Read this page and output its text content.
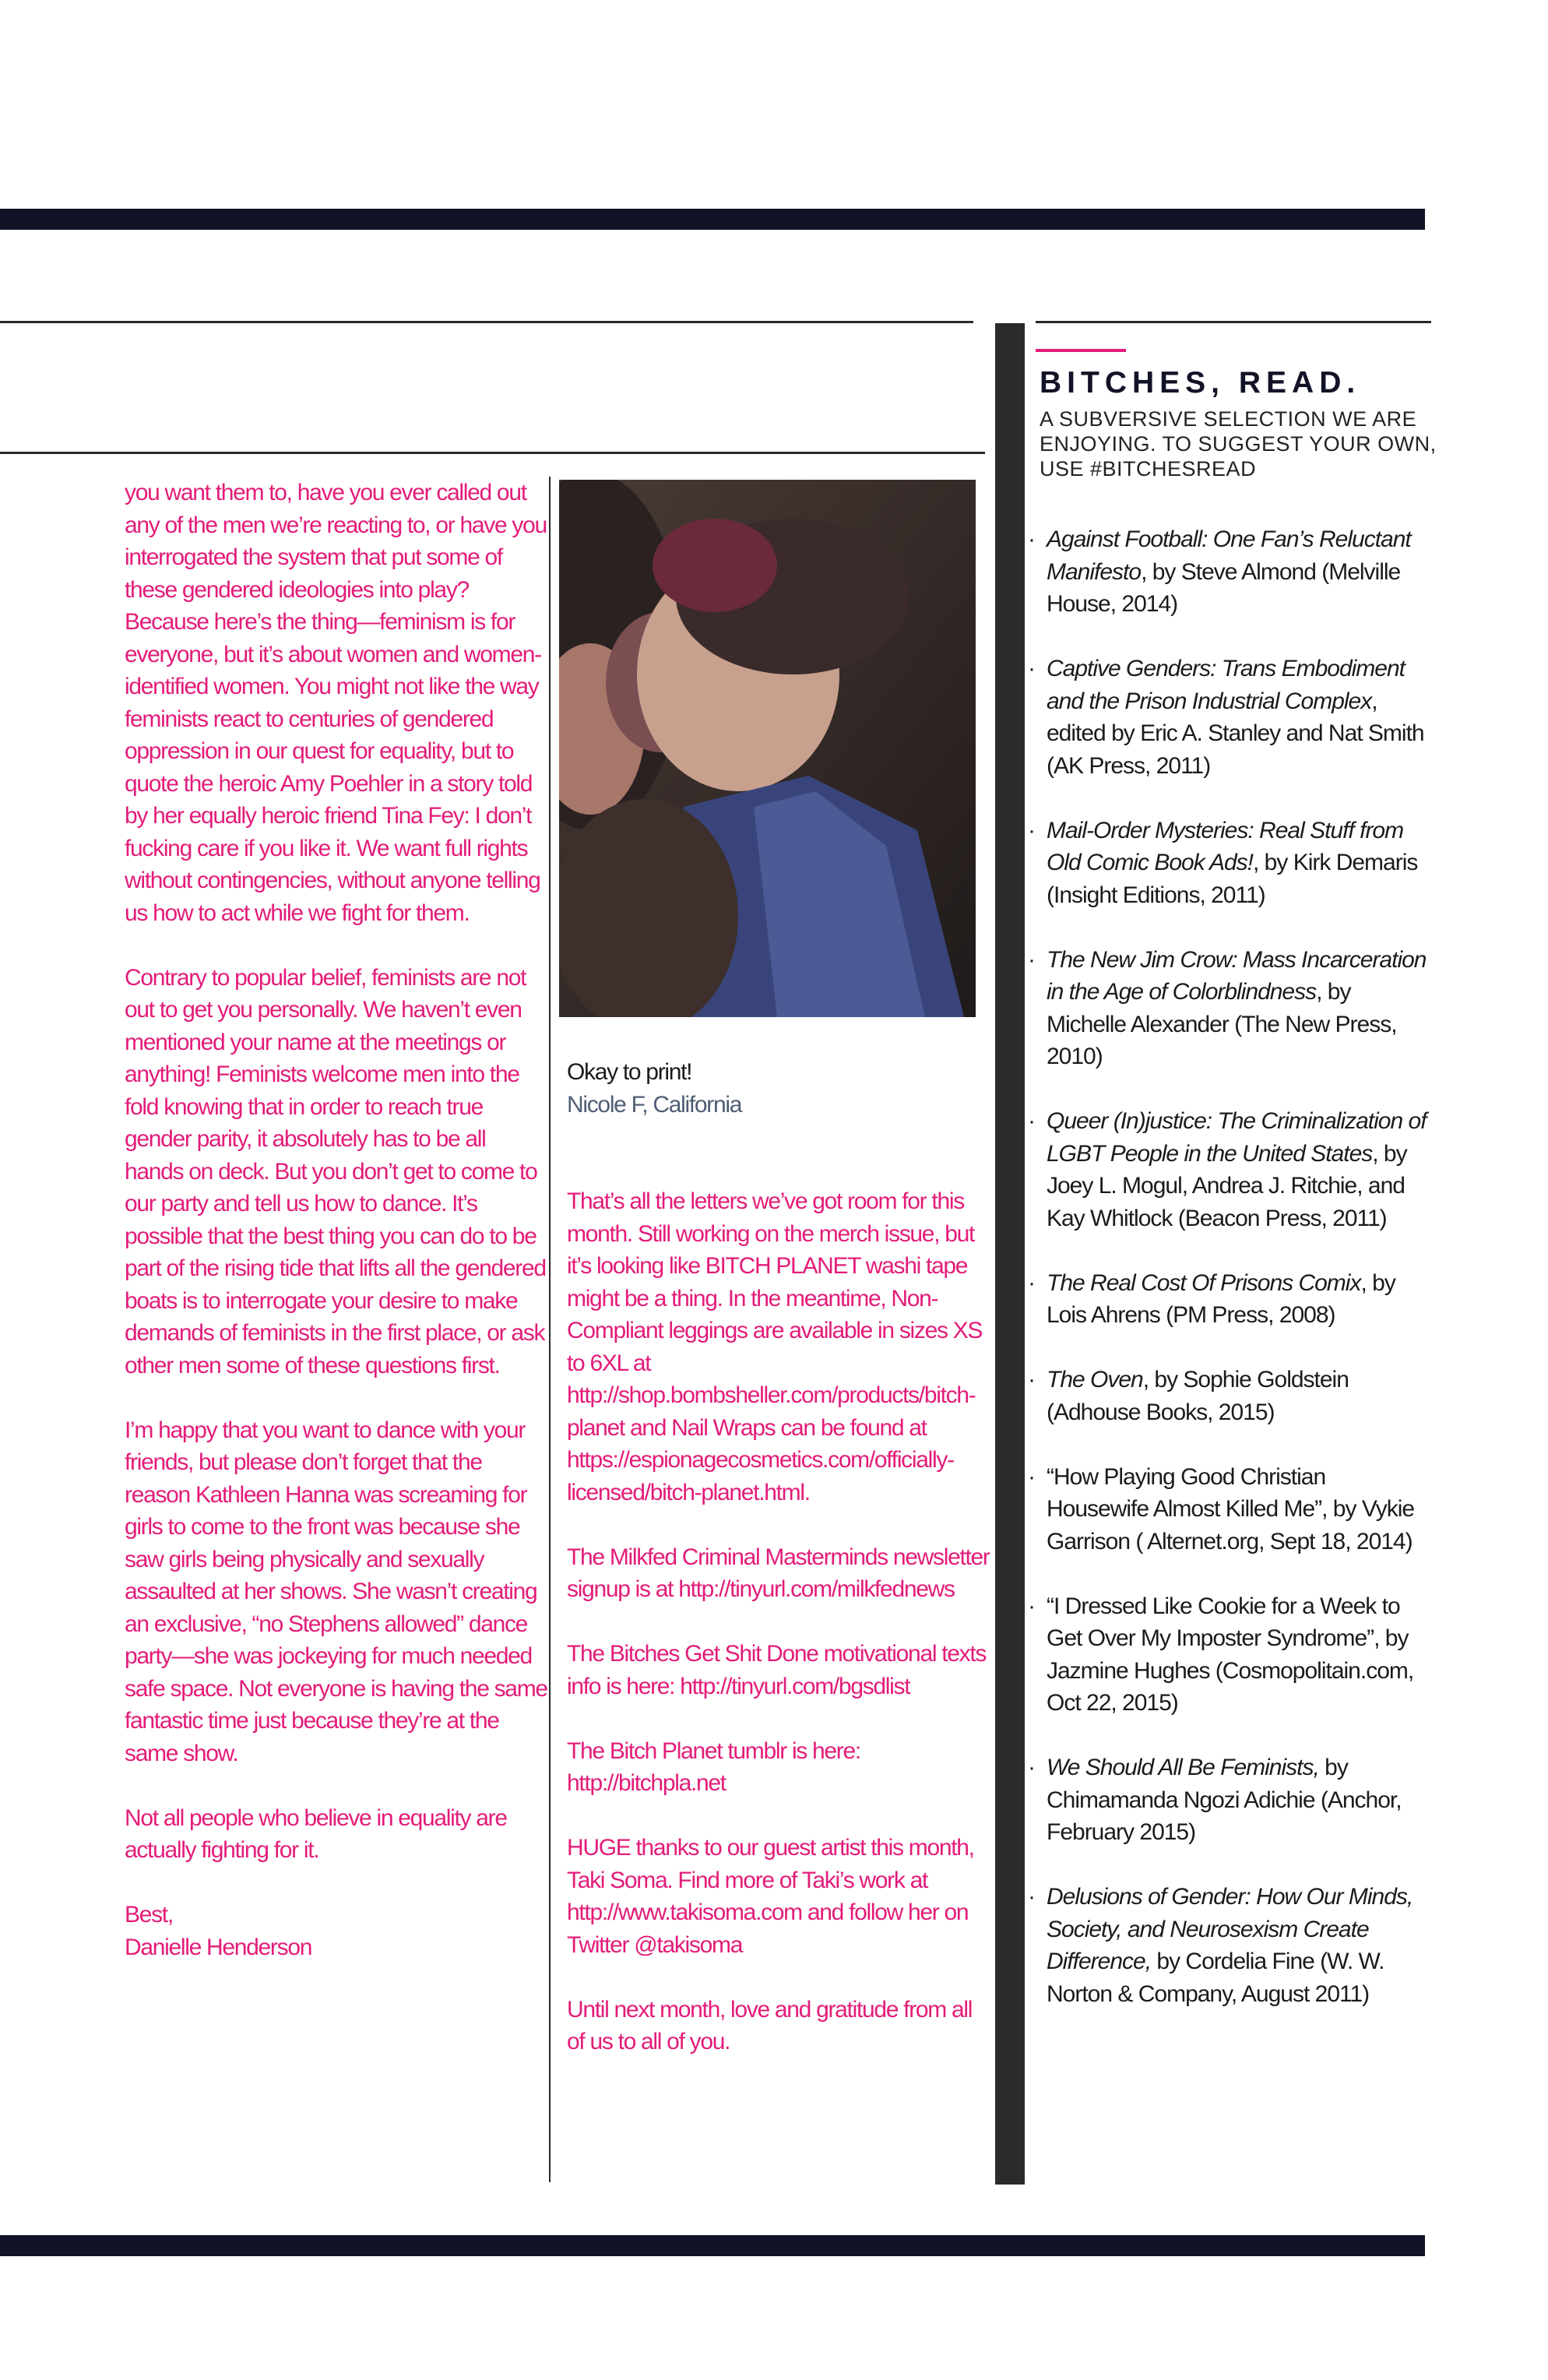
you want them to, have you ever called out any of the men we’re reacting to, or have you interrogated the system that put some of these gendered ideologies into play? Because here’s the thing—feminism is for everyone, but it’s about women and women-identified women. You might not like the way feminists react to centuries of gendered oppression in our quest for equality, but to quote the heroic Amy Poehler in a story told by her equally heroic friend Tina Fey: I don’t fucking care if you like it. We want full rights without contingencies, without anyone telling us how to act while we fight for them.

Contrary to popular belief, feminists are not out to get you personally. We haven’t even mentioned your name at the meetings or anything! Feminists welcome men into the fold knowing that in order to reach true gender parity, it absolutely has to be all hands on deck. But you don’t get to come to our party and tell us how to dance. It’s possible that the best thing you can do to be part of the rising tide that lifts all the gendered boats is to interrogate your desire to make demands of feminists in the first place, or ask other men some of these questions first.

I’m happy that you want to dance with your friends, but please don’t forget that the reason Kathleen Hanna was screaming for girls to come to the front was because she saw girls being physically and sexually assaulted at her shows. She wasn’t creating an exclusive, “no Stephens allowed” dance party—she was jockeying for much needed safe space. Not everyone is having the same fantastic time just because they’re at the same show.

Not all people who believe in equality are actually fighting for it.

Best,
Danielle Henderson

Okay to print!

Nicole F, California

That’s all the letters we’ve got room for this month. Still working on the merch issue, but it’s looking like BITCH PLANET washi tape might be a thing. In the meantime, Non-Compliant leggings are available in sizes XS to 6XL at http://shop.bombsheller.com/products/bitch-planet and Nail Wraps can be found at https://espionagecosmetics.com/officially-licensed/bitch-planet.html.

The Milkfed Criminal Masterminds newsletter signup is at http://tinyurl.com/milkfednews

The Bitches Get Shit Done motivational texts info is here: http://tinyurl.com/bgsdlist

The Bitch Planet tumblr is here: http://bitchpla.net

HUGE thanks to our guest artist this month, Taki Soma. Find more of Taki’s work at http://www.takisoma.com and follow her on Twitter @takisoma

Until next month, love and gratitude from all of us to all of you.

BITCHES, READ.

A SUBVERSIVE SELECTION WE ARE ENJOYING. TO SUGGEST YOUR OWN, USE #BITCHESREAD

· Against Football: One Fan’s Reluctant Manifesto, by Steve Almond (Melville House, 2014)
· Captive Genders: Trans Embodiment and the Prison Industrial Complex, edited by Eric A. Stanley and Nat Smith (AK Press, 2011)
· Mail-Order Mysteries: Real Stuff from Old Comic Book Ads!, by Kirk Demaris (Insight Editions, 2011)
· The New Jim Crow: Mass Incarceration in the Age of Colorblindness, by Michelle Alexander (The New Press, 2010)
· Queer (In)justice: The Criminalization of LGBT People in the United States, by Joey L. Mogul, Andrea J. Ritchie, and Kay Whitlock (Beacon Press, 2011)
· The Real Cost Of Prisons Comix, by Lois Ahrens (PM Press, 2008)
· The Oven, by Sophie Goldstein (Adhouse Books, 2015)
· “How Playing Good Christian Housewife Almost Killed Me”, by Vykie Garrison ( Alternet.org, Sept 18, 2014)
· “I Dressed Like Cookie for a Week to Get Over My Imposter Syndrome”, by Jazmine Hughes (Cosmopolitain.com, Oct 22, 2015)
· We Should All Be Feminists, by Chimamanda Ngozi Adichie (Anchor, February 2015)
· Delusions of Gender: How Our Minds, Society, and Neurosexism Create Difference, by Cordelia Fine (W. W. Norton & Company, August 2011)
